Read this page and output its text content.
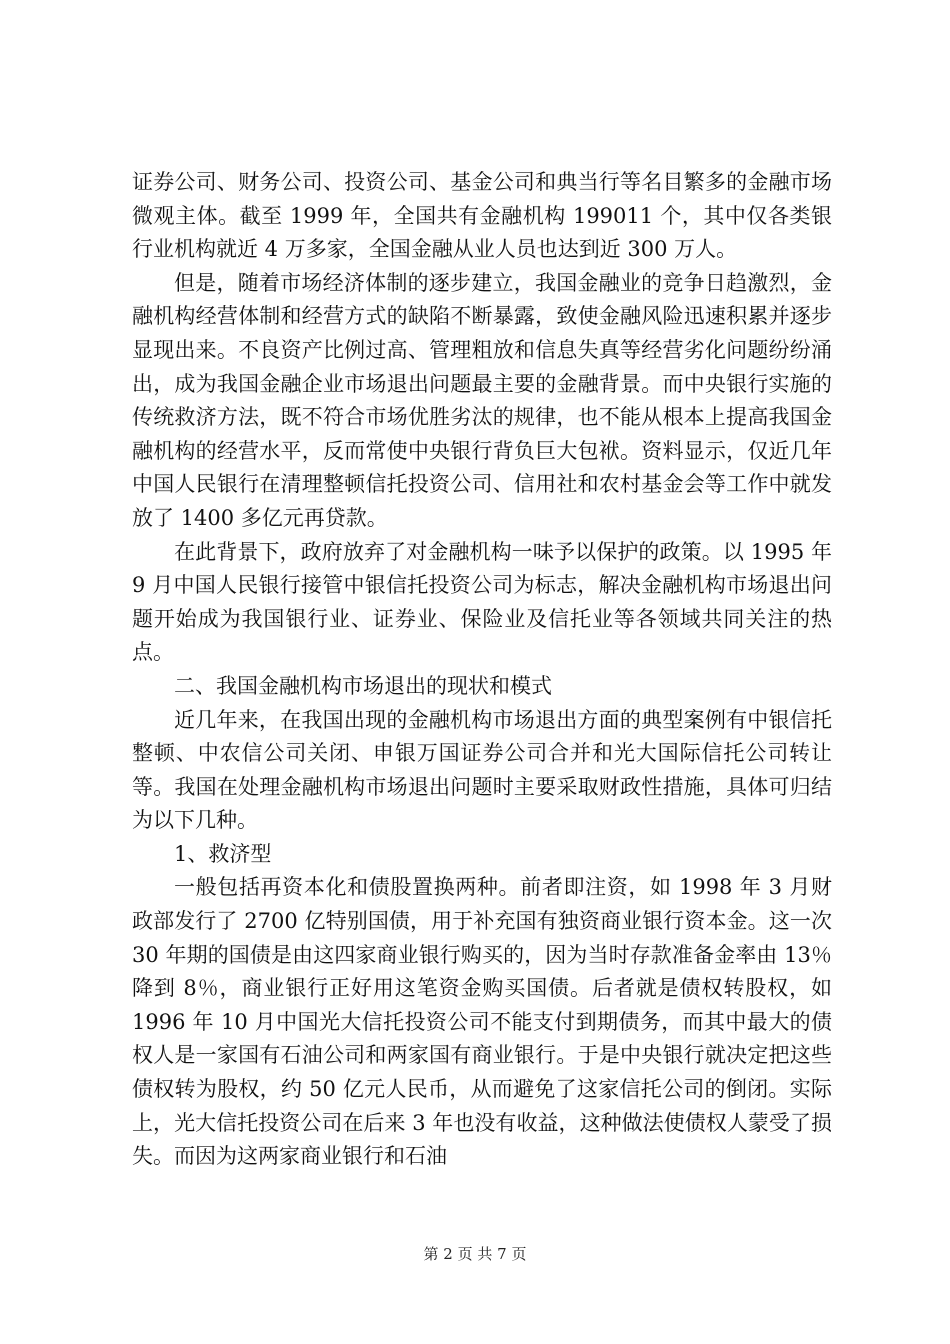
证券公司、财务公司、投资公司、基金公司和典当行等名目繁多的金融市场微观主体。截至 1999 年，全国共有金融机构 199011 个，其中仅各类银行业机构就近 4 万多家，全国金融从业人员也达到近 300 万人。

但是，随着市场经济体制的逐步建立，我国金融业的竞争日趋激烈，金融机构经营体制和经营方式的缺陷不断暴露，致使金融风险迅速积累并逐步显现出来。不良资产比例过高、管理粗放和信息失真等经营劣化问题纷纷涌出，成为我国金融企业市场退出问题最主要的金融背景。而中央银行实施的传统救济方法，既不符合市场优胜劣汰的规律，也不能从根本上提高我国金融机构的经营水平，反而常使中央银行背负巨大包袱。资料显示，仅近几年中国人民银行在清理整顿信托投资公司、信用社和农村基金会等工作中就发放了 1400 多亿元再贷款。

在此背景下，政府放弃了对金融机构一味予以保护的政策。以 1995 年 9 月中国人民银行接管中银信托投资公司为标志，解决金融机构市场退出问题开始成为我国银行业、证券业、保险业及信托业等各领域共同关注的热点。

二、我国金融机构市场退出的现状和模式

近几年来，在我国出现的金融机构市场退出方面的典型案例有中银信托整顿、中农信公司关闭、申银万国证券公司合并和光大国际信托公司转让等。我国在处理金融机构市场退出问题时主要采取财政性措施，具体可归结为以下几种。

1、救济型

一般包括再资本化和债股置换两种。前者即注资，如 1998 年 3 月财政部发行了 2700 亿特别国债，用于补充国有独资商业银行资本金。这一次 30 年期的国债是由这四家商业银行购买的，因为当时存款准备金率由 13％降到 8％，商业银行正好用这笔资金购买国债。后者就是债权转股权，如 1996 年 10 月中国光大信托投资公司不能支付到期债务，而其中最大的债权人是一家国有石油公司和两家国有商业银行。于是中央银行就决定把这些债权转为股权，约 50 亿元人民币，从而避免了这家信托公司的倒闭。实际上，光大信托投资公司在后来 3 年也没有收益，这种做法使债权人蒙受了损失。而因为这两家商业银行和石油

第 2 页 共 7 页
